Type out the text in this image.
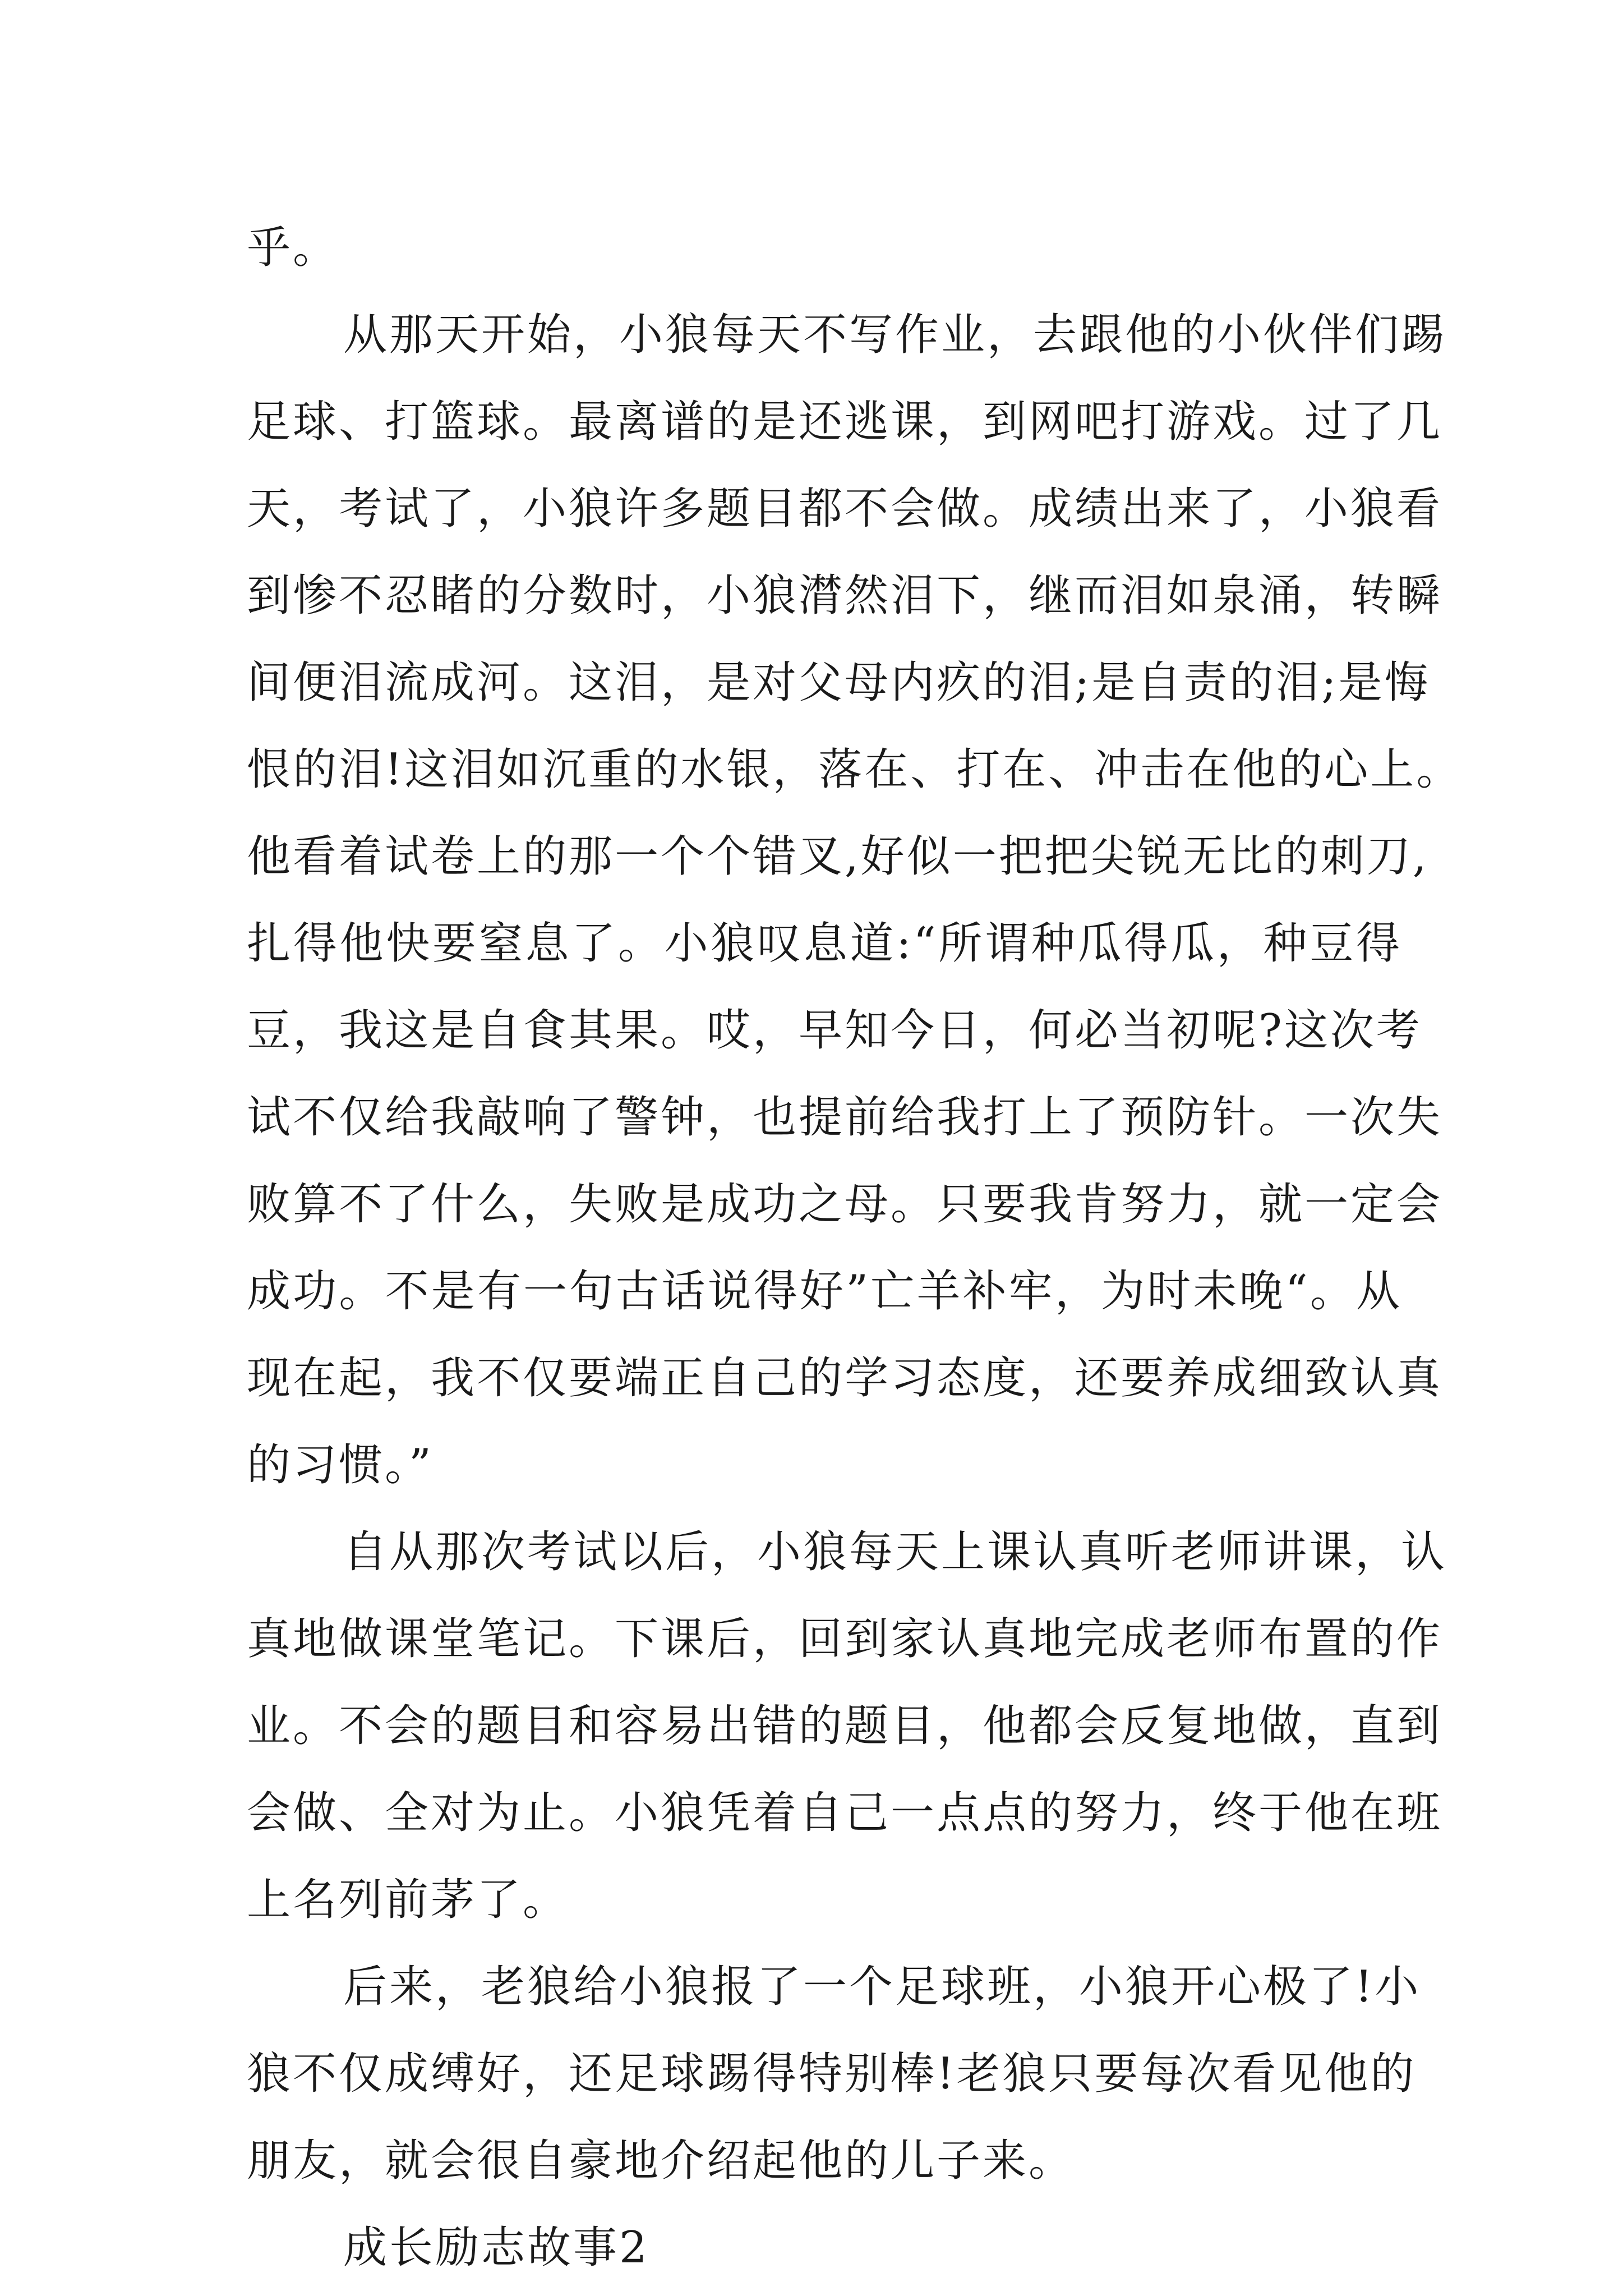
乎。
从那天开始，小狼每天不写作业，去跟他的小伙伴们踢
足球、打篮球。最离谱的是还逃课，到网吧打游戏。过了几
天，考试了，小狼许多题目都不会做。成绩出来了，小狼看
到惨不忍睹的分数时，小狼潸然泪下，继而泪如泉涌，转瞬
间便泪流成河。这泪，是对父母内疚的泪;是自责的泪;是悔
恨的泪!这泪如沉重的水银，落在、打在、冲击在他的心上。
他看着试卷上的那一个个错叉,好似一把把尖锐无比的刺刀,
扎得他快要窒息了。小狼叹息道:“所谓种瓜得瓜，种豆得
豆，我这是自食其果。哎，早知今日，何必当初呢?这次考
试不仅给我敲响了警钟，也提前给我打上了预防针。一次失
败算不了什么，失败是成功之母。只要我肯努力，就一定会
成功。不是有一句古话说得好”亡羊补牢，为时未晚“。从
现在起，我不仅要端正自己的学习态度，还要养成细致认真
的习惯。”
自从那次考试以后，小狼每天上课认真听老师讲课，认
真地做课堂笔记。下课后，回到家认真地完成老师布置的作
业。不会的题目和容易出错的题目，他都会反复地做，直到
会做、全对为止。小狼凭着自己一点点的努力，终于他在班
上名列前茅了。
后来，老狼给小狼报了一个足球班，小狼开心极了!小
狼不仅成缚好，还足球踢得特别棒!老狼只要每次看见他的
朋友，就会很自豪地介绍起他的儿子来。
成长励志故事2
